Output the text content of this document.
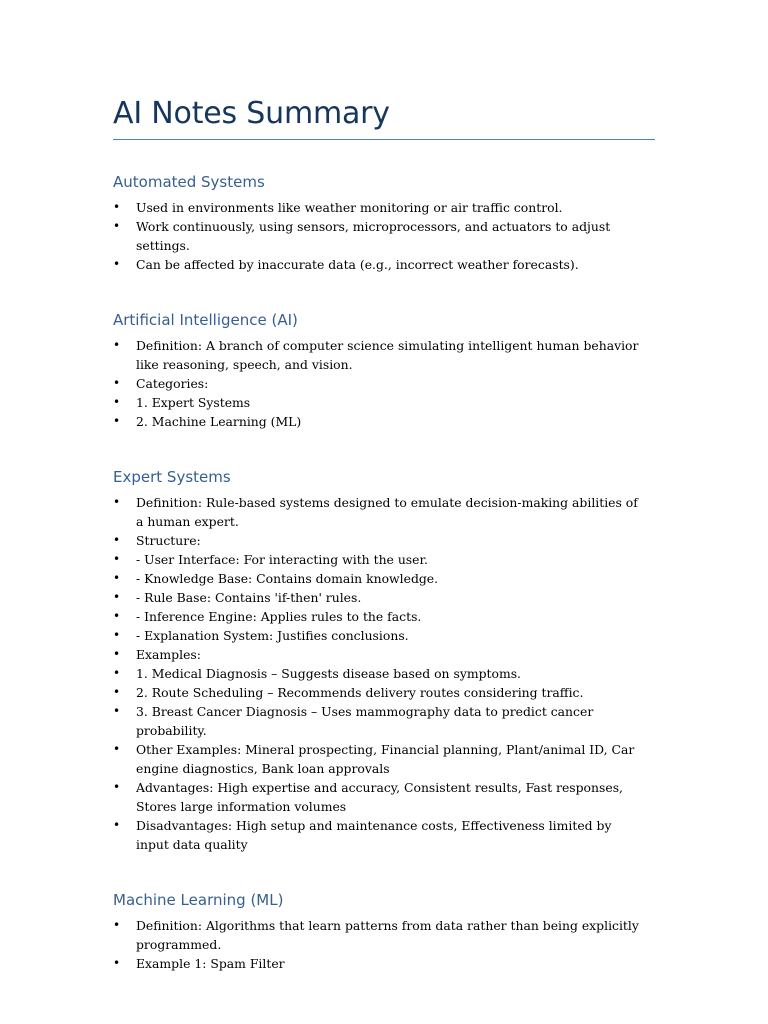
AI Notes Summary
Automated Systems
• Used in environments like weather monitoring or air traffic control.
• Work continuously, using sensors, microprocessors, and actuators to adjust settings.
• Can be affected by inaccurate data (e.g., incorrect weather forecasts).
Artificial Intelligence (AI)
• Definition: A branch of computer science simulating intelligent human behavior like reasoning, speech, and vision.
• Categories:
• 1. Expert Systems
• 2. Machine Learning (ML)
Expert Systems
• Definition: Rule-based systems designed to emulate decision-making abilities of a human expert.
• Structure:
• - User Interface: For interacting with the user.
• - Knowledge Base: Contains domain knowledge.
• - Rule Base: Contains 'if-then' rules.
• - Inference Engine: Applies rules to the facts.
• - Explanation System: Justifies conclusions.
• Examples:
• 1. Medical Diagnosis – Suggests disease based on symptoms.
• 2. Route Scheduling – Recommends delivery routes considering traffic.
• 3. Breast Cancer Diagnosis – Uses mammography data to predict cancer probability.
• Other Examples: Mineral prospecting, Financial planning, Plant/animal ID, Car engine diagnostics, Bank loan approvals
• Advantages: High expertise and accuracy, Consistent results, Fast responses, Stores large information volumes
• Disadvantages: High setup and maintenance costs, Effectiveness limited by input data quality
Machine Learning (ML)
• Definition: Algorithms that learn patterns from data rather than being explicitly programmed.
• Example 1: Spam Filter
